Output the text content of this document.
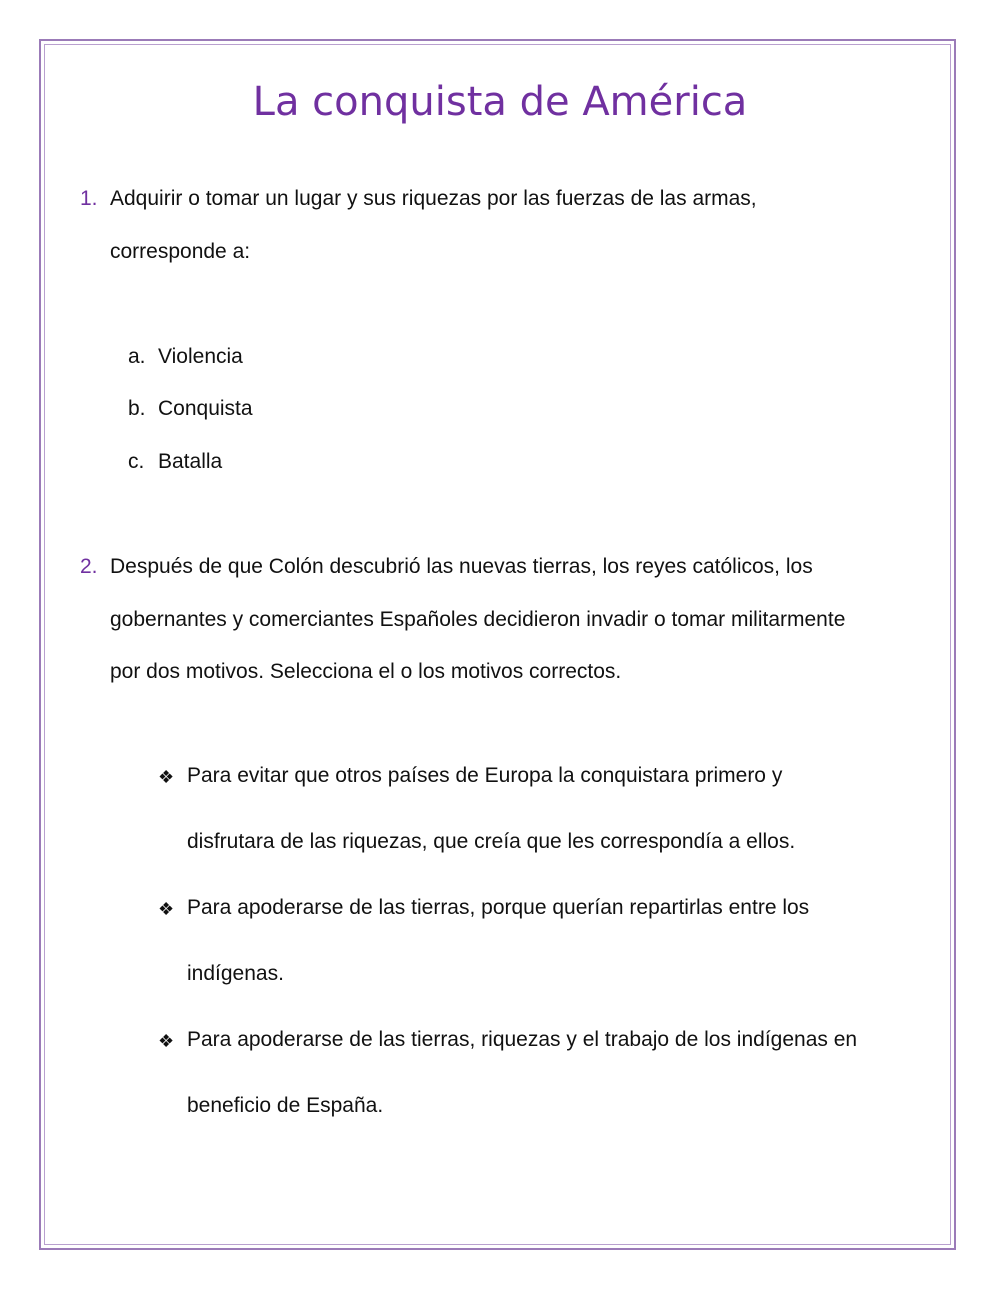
La conquista de América
1. Adquirir o tomar un lugar y sus riquezas por las fuerzas de las armas,
corresponde a:
a. Violencia
b. Conquista
c. Batalla
2. Después de que Colón descubrió las nuevas tierras, los reyes católicos, los
gobernantes y comerciantes Españoles decidieron invadir o tomar militarmente
por dos motivos. Selecciona el o los motivos correctos.
❖ Para evitar que otros países de Europa la conquistara primero y
disfrutara de las riquezas, que creía que les correspondía a ellos.
❖ Para apoderarse de las tierras, porque querían repartirlas entre los
indígenas.
❖ Para apoderarse de las tierras, riquezas y el trabajo de los indígenas en
beneficio de España.
